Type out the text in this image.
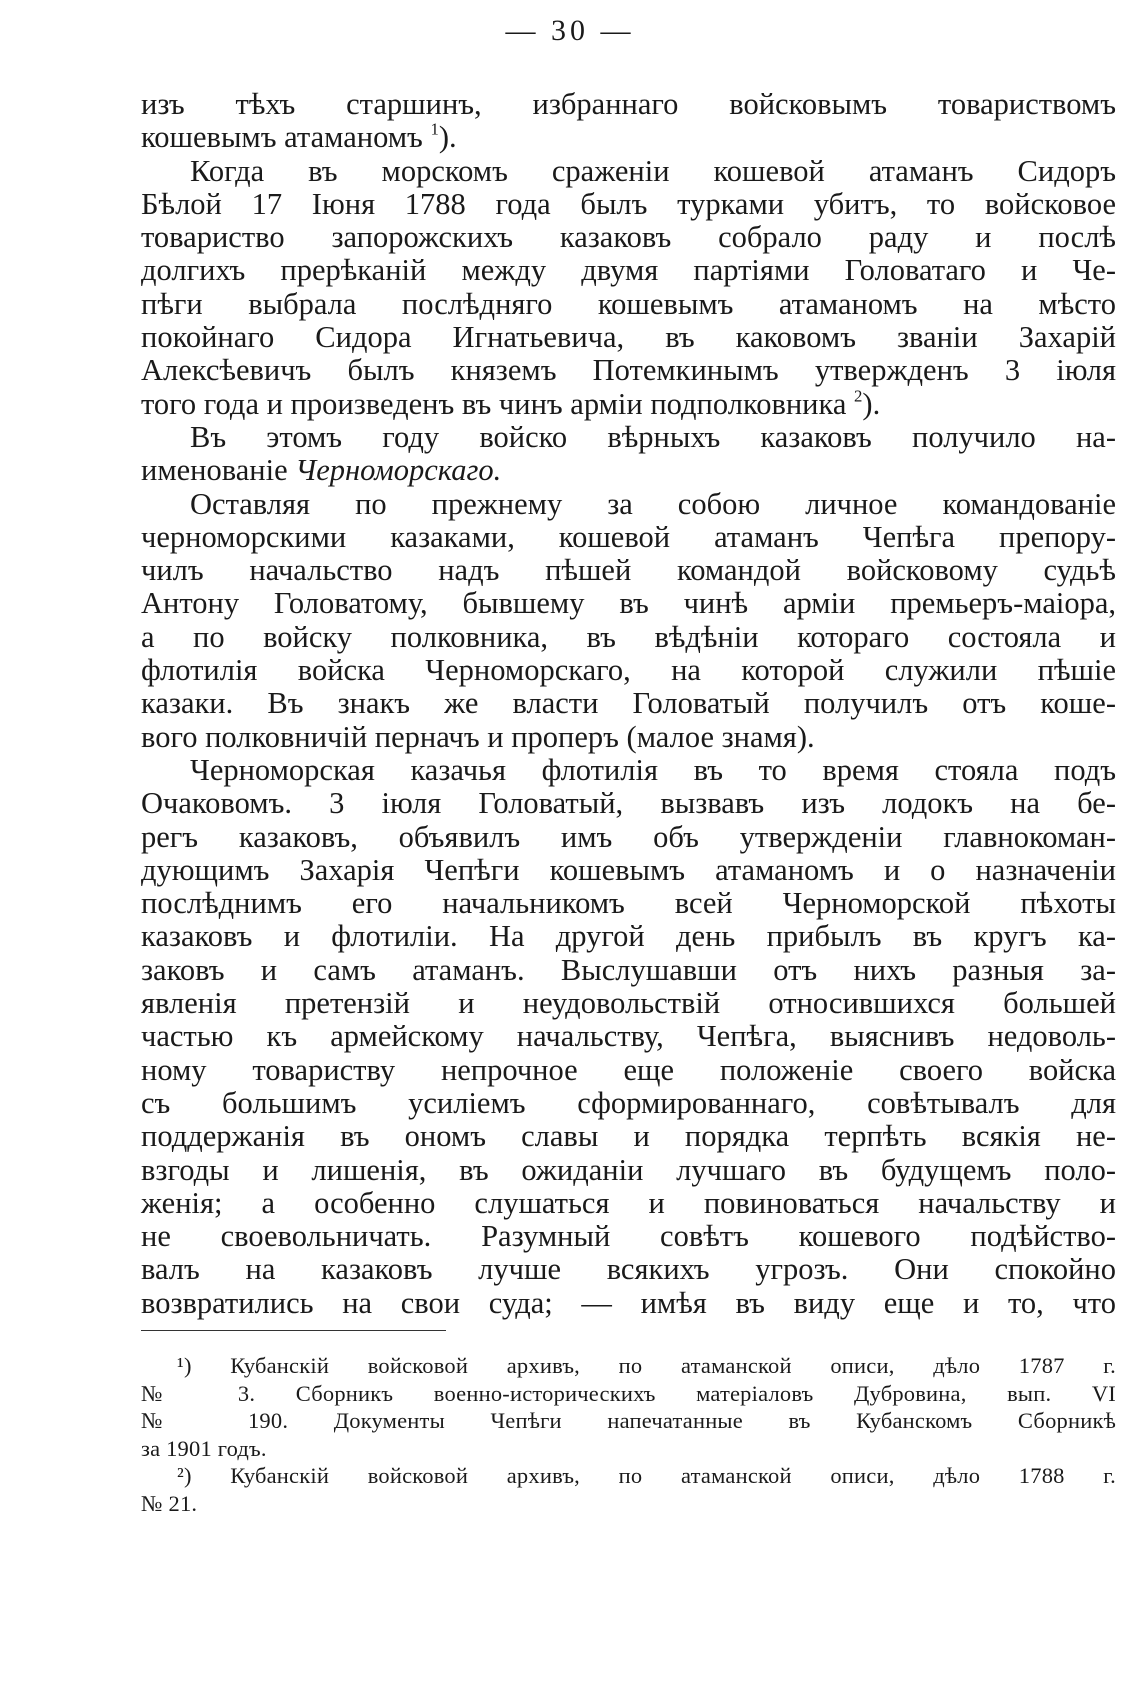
— 30 —
изъ тѣхъ старшинъ, избраннаго войсковымъ товариствомъ
кошевымъ атаманомъ $^1$).
Когда въ морскомъ сраженіи кошевой атаманъ Сидоръ
Бѣлой 17 Іюня 1788 года былъ турками убитъ, то войсковое
товариство запорожскихъ казаковъ собрало раду и послѣ
долгихъ прерѣканій между двумя партіями Головатаго и Че-
пѣги выбрала послѣдняго кошевымъ атаманомъ на мѣсто
покойнаго Сидора Игнатьевича, въ каковомъ званіи Захарій
Алексѣевичъ былъ княземъ Потемкинымъ утвержденъ 3 іюля
того года и произведенъ въ чинъ арміи подполковника $^2$).
Въ этомъ году войско вѣрныхъ казаковъ получило на-
именованіе Черноморскаго.
Оставляя по прежнему за собою личное командованіе
черноморскими казаками, кошевой атаманъ Чепѣга препору-
чилъ начальство надъ пѣшей командой войсковому судьѣ
Антону Головатому, бывшему въ чинѣ арміи премьеръ-маіора,
а по войску полковника, въ вѣдѣніи котораго состояла и
флотилія войска Черноморскаго, на которой служили пѣшіе
казаки. Въ знакъ же власти Головатый получилъ отъ коше-
вого полковничій перначъ и проперъ (малое знамя).
Черноморская казачья флотилія въ то время стояла подъ
Очаковомъ. 3 іюля Головатый, вызвавъ изъ лодокъ на бе-
регъ казаковъ, объявилъ имъ объ утвержденіи главнокоман-
дующимъ Захарія Чепѣги кошевымъ атаманомъ и о назначеніи
послѣднимъ его начальникомъ всей Черноморской пѣхоты
казаковъ и флотиліи. На другой день прибылъ въ кругъ ка-
заковъ и самъ атаманъ. Выслушавши отъ нихъ разныя за-
явленія претензій и неудовольствій относившихся большей
частью къ армейскому начальству, Чепѣга, выяснивъ недоволь-
ному товариству непрочное еще положеніе своего войска
съ большимъ усиліемъ сформированнаго, совѣтывалъ для
поддержанія въ ономъ славы и порядка терпѣть всякія не-
взгоды и лишенія, въ ожиданіи лучшаго въ будущемъ поло-
женія; а особенно слушаться и повиноваться начальству и
не своевольничать. Разумный совѣтъ кошевого подѣйство-
валъ на казаковъ лучше всякихъ угрозъ. Они спокойно
возвратились на свои суда; — имѣя въ виду еще и то, что
¹) Кубанскій войсковой архивъ, по атаманской описи, дѣло 1787 г.
№ 3. Сборникъ военно-историческихъ матеріаловъ Дубровина, вып. VI
№ 190. Документы Чепѣги напечатанные въ Кубанскомъ Сборникѣ
за 1901 годъ.
²) Кубанскій войсковой архивъ, по атаманской описи, дѣло 1788 г.
№ 21.
